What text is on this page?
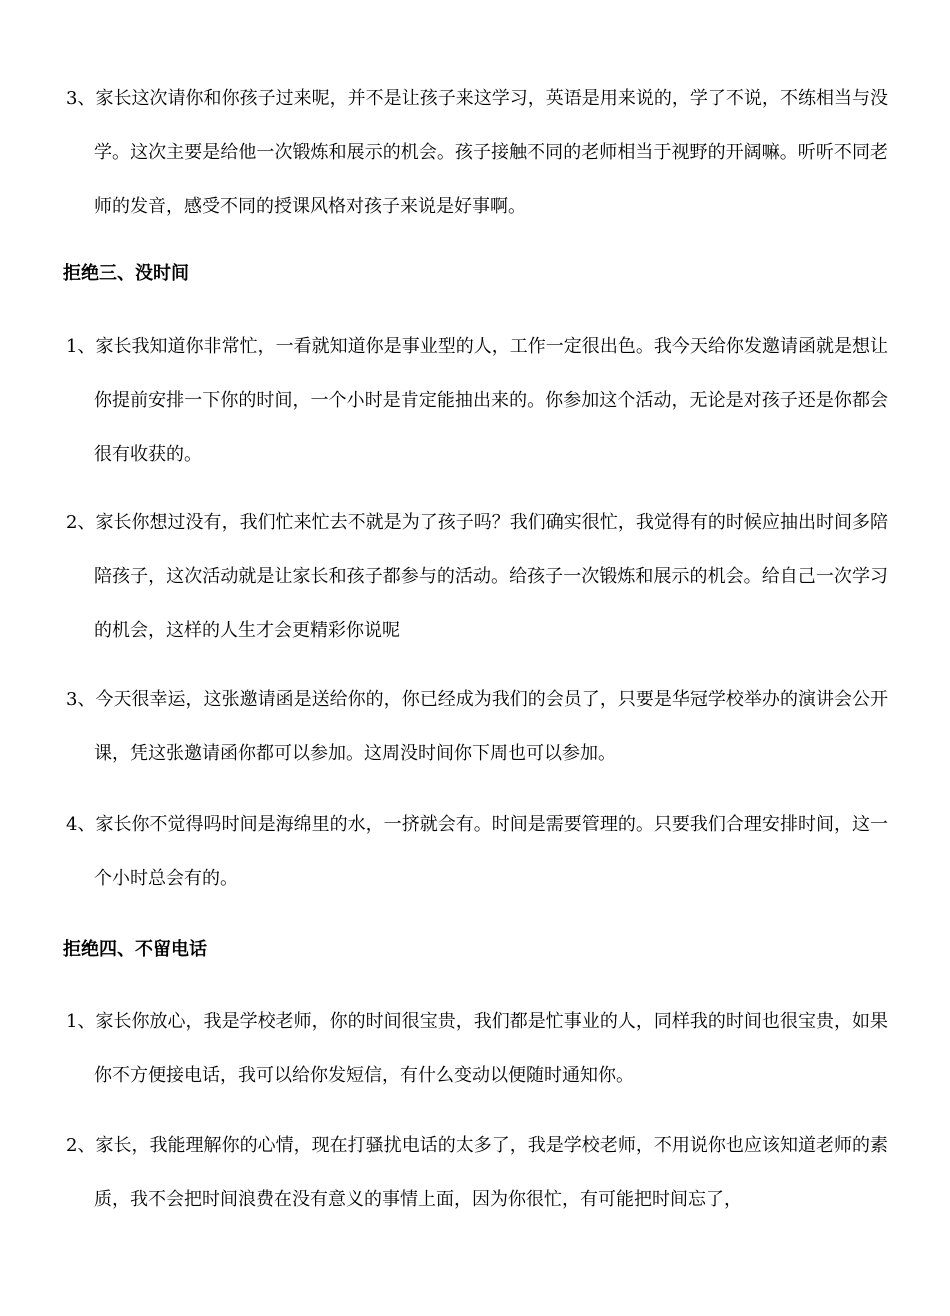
3、家长这次请你和你孩子过来呢，并不是让孩子来这学习，英语是用来说的，学了不说，不练相当与没学。这次主要是给他一次锻炼和展示的机会。孩子接触不同的老师相当于视野的开阔嘛。听听不同老师的发音，感受不同的授课风格对孩子来说是好事啊。
拒绝三、没时间
1、家长我知道你非常忙，一看就知道你是事业型的人，工作一定很出色。我今天给你发邀请函就是想让你提前安排一下你的时间，一个小时是肯定能抽出来的。你参加这个活动，无论是对孩子还是你都会很有收获的。
2、家长你想过没有，我们忙来忙去不就是为了孩子吗？我们确实很忙，我觉得有的时候应抽出时间多陪陪孩子，这次活动就是让家长和孩子都参与的活动。给孩子一次锻炼和展示的机会。给自己一次学习的机会，这样的人生才会更精彩你说呢
3、今天很幸运，这张邀请函是送给你的，你已经成为我们的会员了，只要是华冠学校举办的演讲会公开课，凭这张邀请函你都可以参加。这周没时间你下周也可以参加。
4、家长你不觉得吗时间是海绵里的水，一挤就会有。时间是需要管理的。只要我们合理安排时间，这一个小时总会有的。
拒绝四、不留电话
1、家长你放心，我是学校老师，你的时间很宝贵，我们都是忙事业的人，同样我的时间也很宝贵，如果你不方便接电话，我可以给你发短信，有什么变动以便随时通知你。
2、家长，我能理解你的心情，现在打骚扰电话的太多了，我是学校老师，不用说你也应该知道老师的素质，我不会把时间浪费在没有意义的事情上面，因为你很忙，有可能把时间忘了，
